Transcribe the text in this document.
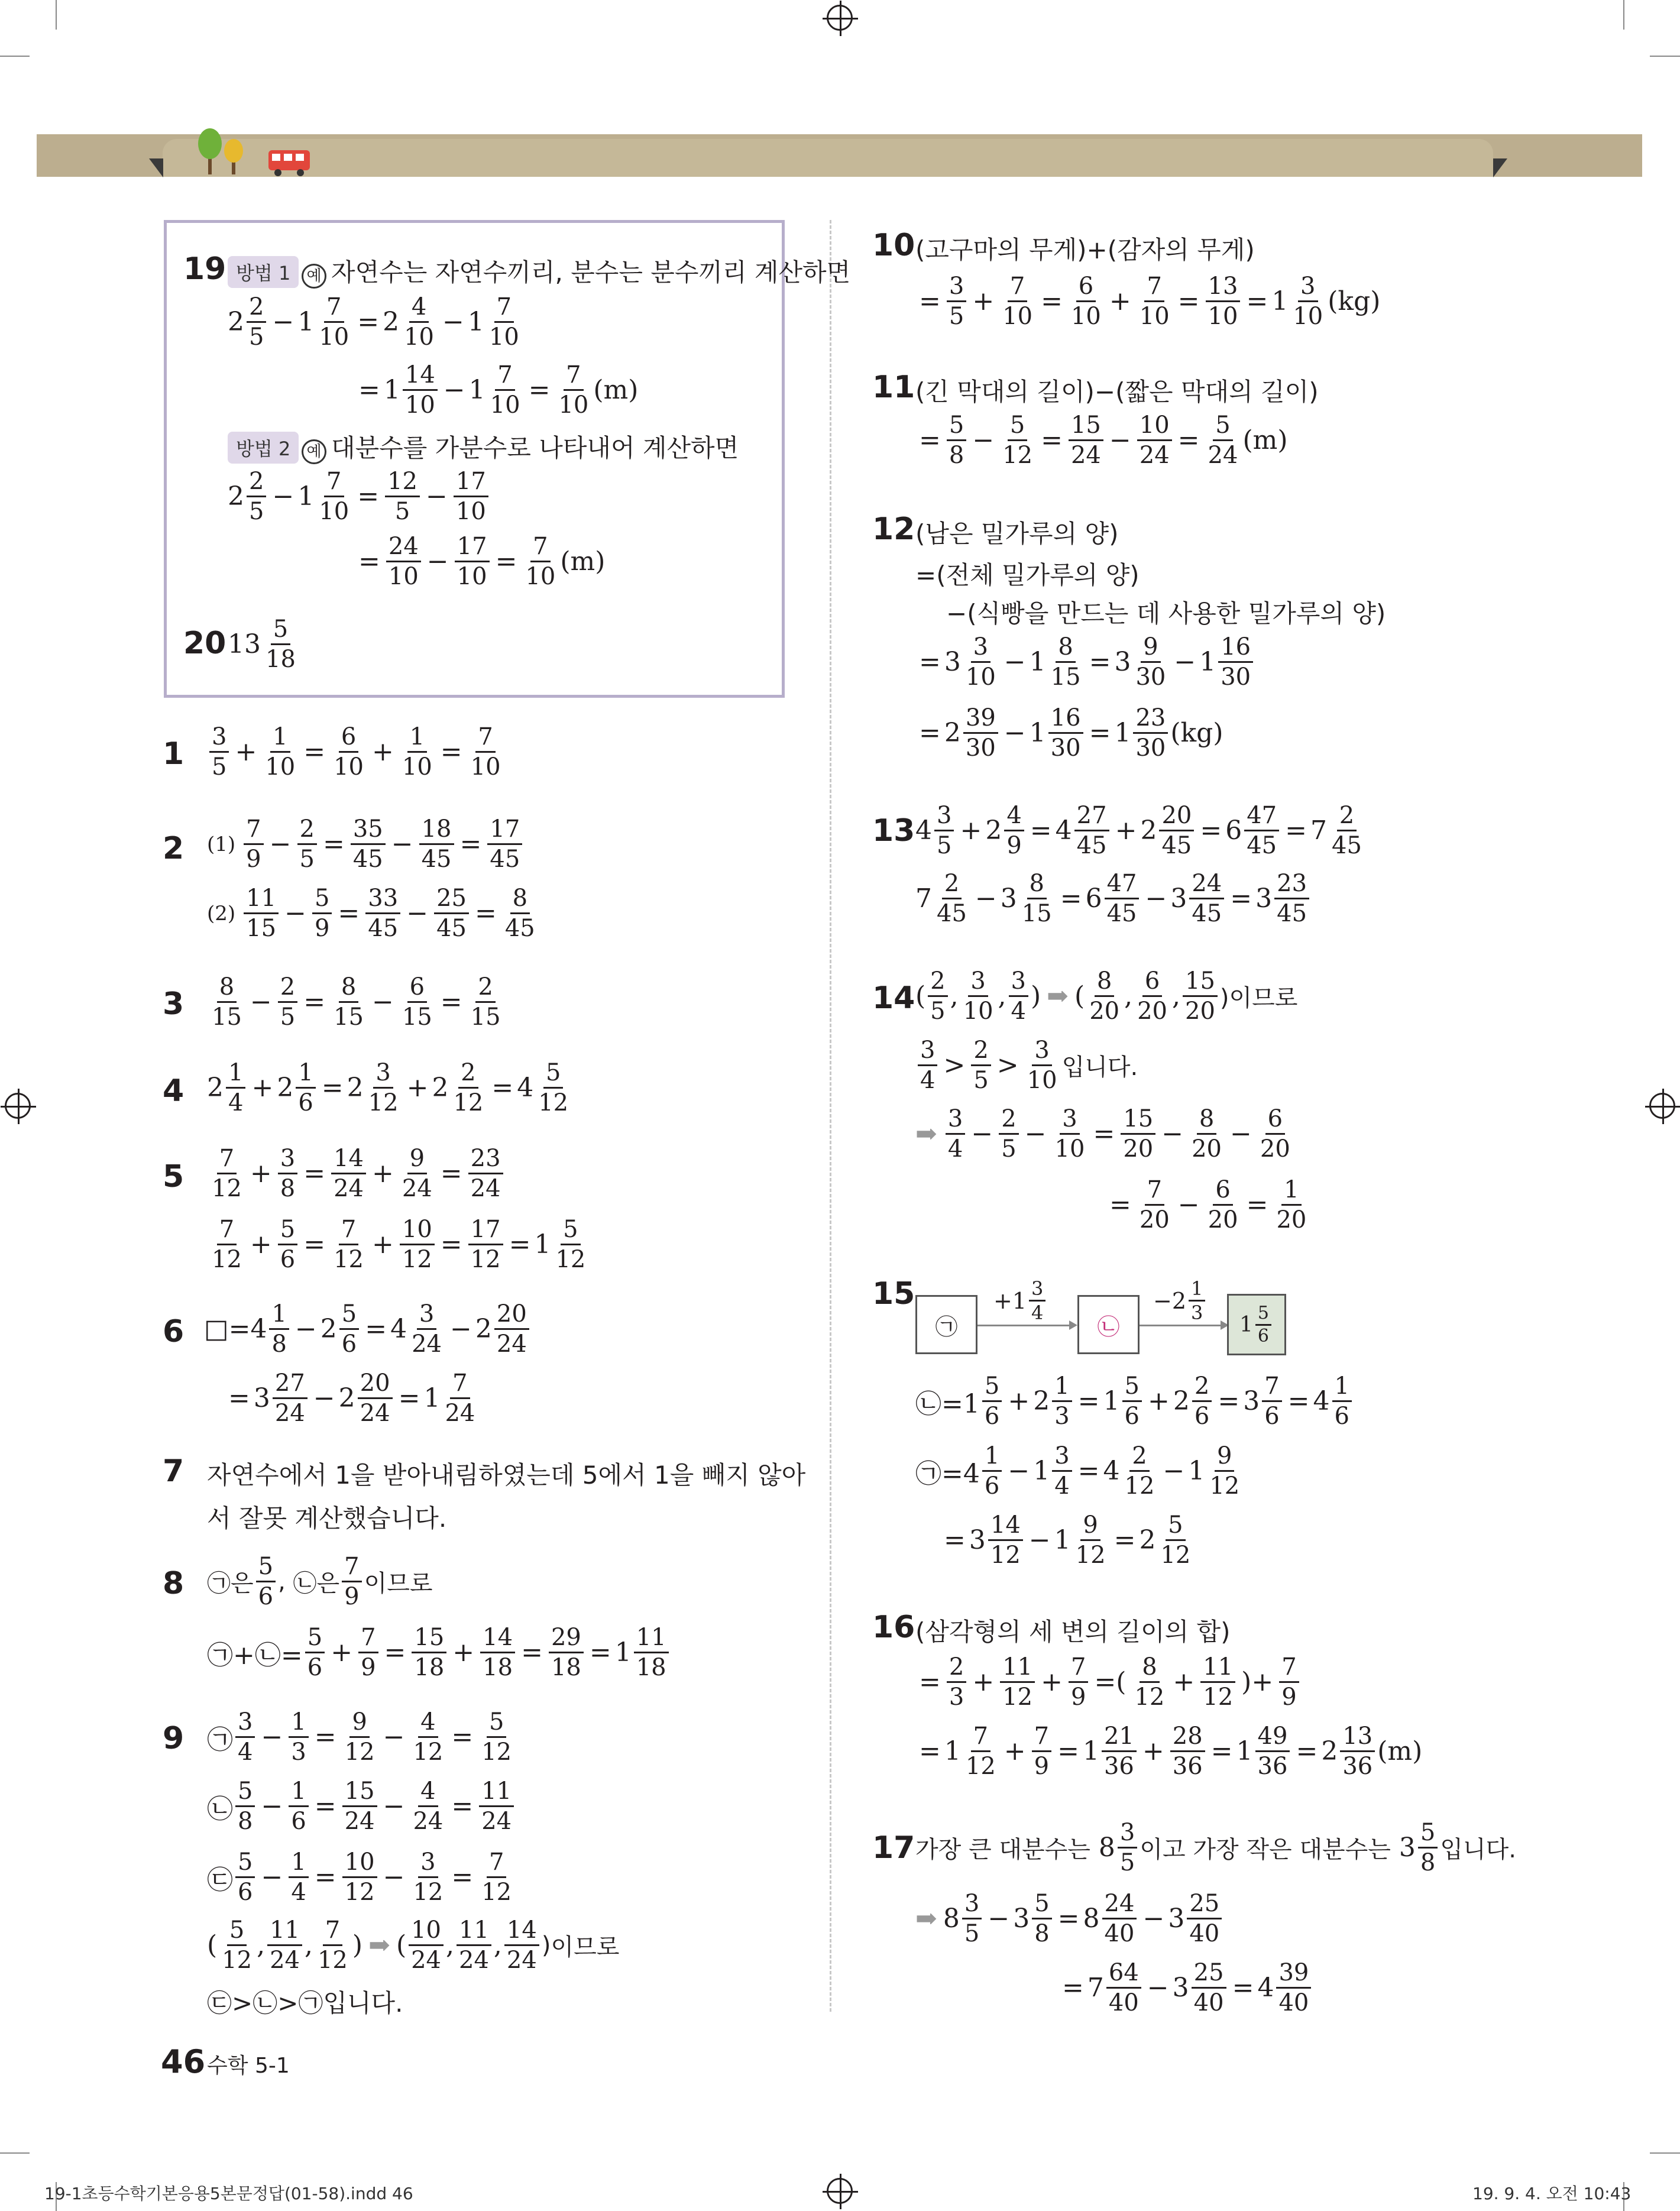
19 방법 1	예 자연수는 자연수끼리, 분수는 분수끼리 계산하면
$2 \frac{2}{5} - 1 \frac{7}{10} = 2 \frac{4}{10} - 1 \frac{7}{10}$
= $1 \frac{14}{10} - 1 \frac{7}{10} = \frac{7}{10} (m)$
방법 2	예 대분수를 가분수로 나타내어 계산하면
$2 \frac{2}{5} - 1 \frac{7}{10} = \frac{12}{5} - \frac{17}{10}$
= $\frac{24}{10} - \frac{17}{10} = \frac{7}{10} (m)$
20 $13 \frac{5}{18}$
$1 \frac{3}{5} + \frac{1}{10} = \frac{6}{10} + \frac{1}{10} = \frac{7}{10}$
2 $(1) \frac{7}{9} - \frac{2}{5} = \frac{35}{45} - \frac{18}{45} = \frac{17}{45}$
$(2) \frac{11}{15} - \frac{5}{9} = \frac{33}{45} - \frac{25}{45} = \frac{8}{45}$
$3 \frac{8}{15} - \frac{2}{5} = \frac{8}{15} - \frac{6}{15} = \frac{2}{15}$
4 $2 \frac{1}{4} + 2 \frac{1}{6} = 2 \frac{3}{12} + 2 \frac{2}{12} = 4 \frac{5}{12}$
$5 \frac{7}{12} + \frac{3}{8} = \frac{14}{24} + \frac{9}{24} = \frac{23}{24}$
$\frac{7}{12} + \frac{5}{6} = \frac{7}{12} + \frac{10}{12} = \frac{17}{12} = 1 \frac{5}{12}$
6 □=4 $\frac{1}{8} - 2 \frac{5}{6} = 4 \frac{3}{24} - 2 \frac{20}{24}$
= $3 \frac{27}{24} - 2 \frac{20}{24} = 1 \frac{7}{24}$
7 자연수에서 1을 받아내림하였는데 5에서 1을 빼지 않아
서 잘못 계산했습니다.
8 ㉠은 $\frac{5}{6}$ , ㉡은 $\frac{7}{9}$ 이므로
㉠+㉡= $\frac{5}{6} + \frac{7}{9} = \frac{15}{18} + \frac{14}{18} = \frac{29}{18} = 1 \frac{11}{18}$
9 ㉠ $\frac{3}{4} - \frac{1}{3} = \frac{9}{12} - \frac{4}{12} = \frac{5}{12}$
㉡ $\frac{5}{8} - \frac{1}{6} = \frac{15}{24} - \frac{4}{24} = \frac{11}{24}$
㉢ $\frac{5}{6} - \frac{1}{4} = \frac{10}{12} - \frac{3}{12} = \frac{7}{12}$
( $\frac{5}{12}$ , $\frac{11}{24}$ , $\frac{7}{12}$ ) ➡ ( $\frac{10}{24}$ , $\frac{11}{24}$ , $\frac{14}{24}$ ) 이므로
㉢>㉡>㉠입니다.
10 (고구마의 무게)+(감자의 무게)
= $\frac{3}{5} + \frac{7}{10} = \frac{6}{10} + \frac{7}{10} = \frac{13}{10} = 1 \frac{3}{10} (kg)$
11 (긴 막대의 길이)−(짧은 막대의 길이)
= $\frac{5}{8} - \frac{5}{12} = \frac{15}{24} - \frac{10}{24} = \frac{5}{24} (m)$
12 (남은 밀가루의 양)
=(전체 밀가루의 양)
−(식빵을 만드는 데 사용한 밀가루의 양)
= $3 \frac{3}{10} - 1 \frac{8}{15} = 3 \frac{9}{30} - 1 \frac{16}{30}$
= $2 \frac{39}{30} - 1 \frac{16}{30} = 1 \frac{23}{30} (kg)$
13 $4 \frac{3}{5} + 2 \frac{4}{9} = 4 \frac{27}{45} + 2 \frac{20}{45} = 6 \frac{47}{45} = 7 \frac{2}{45}$
$7 \frac{2}{45} - 3 \frac{8}{15} = 6 \frac{47}{45} - 3 \frac{24}{45} = 3 \frac{23}{45}$
14 ( $\frac{2}{5}$ , $\frac{3}{10}$ , $\frac{3}{4}$ ) ➡ ( $\frac{8}{20}$ , $\frac{6}{20}$ , $\frac{15}{20}$ )이므로
$\frac{3}{4} > \frac{2}{5} > \frac{3}{10}$ 입니다.
➡ $\frac{3}{4} - \frac{2}{5} - \frac{3}{10} = \frac{15}{20} - \frac{8}{20} - \frac{6}{20}$
= $\frac{7}{20} - \frac{6}{20} = \frac{1}{20}$
15
㉠
$+1 \frac{3}{4}$
㉡
$-2 \frac{1}{3}$
$1 \frac{5}{6}$
㉡=1 $\frac{5}{6} + 2 \frac{1}{3} = 1 \frac{5}{6} + 2 \frac{2}{6} = 3 \frac{7}{6} = 4 \frac{1}{6}$
㉠=4 $\frac{1}{6} - 1 \frac{3}{4} = 4 \frac{2}{12} - 1 \frac{9}{12}$
= $3 \frac{14}{12} - 1 \frac{9}{12} = 2 \frac{5}{12}$
16 (삼각형의 세 변의 길이의 합)
= $\frac{2}{3} + \frac{11}{12} + \frac{7}{9}$ =( $\frac{8}{12} + \frac{11}{12}$ )+ $\frac{7}{9}$
= $1 \frac{7}{12} + \frac{7}{9} = 1 \frac{21}{36} + \frac{28}{36} = 1 \frac{49}{36} = 2 \frac{13}{36} (m)$
17 가장 큰 대분수는 $8 \frac{3}{5}$ 이고 가장 작은 대분수는 $3 \frac{5}{8}$ 입니다.
➡ $8 \frac{3}{5} - 3 \frac{5}{8} = 8 \frac{24}{40} - 3 \frac{25}{40}$
= $7 \frac{64}{40} - 3 \frac{25}{40} = 4 \frac{39}{40}$
46 수학 5-1
19-1초등수학기본응용5본문정답(01-58).indd 46	19. 9. 4. 오전 10:43
